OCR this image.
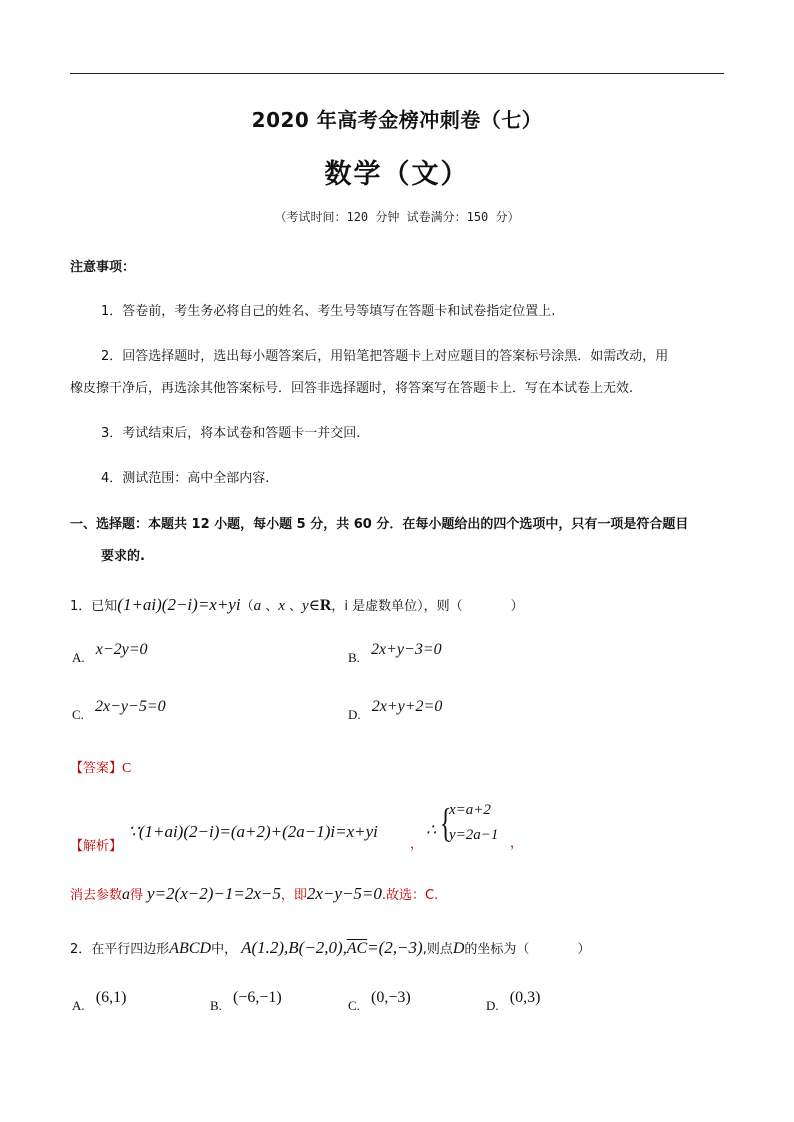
2020 年高考金榜冲刺卷（七）
数学（文）
（考试时间：120 分钟 试卷满分：150 分）
注意事项：
1．答卷前，考生务必将自己的姓名、考生号等填写在答题卡和试卷指定位置上.
2．回答选择题时，选出每小题答案后，用铅笔把答题卡上对应题目的答案标号涂黑．如需改动，用
橡皮擦干净后，再选涂其他答案标号．回答非选择题时，将答案写在答题卡上．写在本试卷上无效.
3．考试结束后，将本试卷和答题卡一并交回.
4．测试范围：高中全部内容.
一、选择题：本题共 12 小题，每小题 5 分，共 60 分．在每小题给出的四个选项中，只有一项是符合题目
要求的.
1．已知(1+ai)(2−i)=x+yi（a 、x 、y∈R，i 是虚数单位），则（	）
A. x−2y=0	B. 2x+y−3=0
C. 2x−y−5=0	D. 2x+y+2=0
【答案】C
【解析】
∵(1+ai)(2−i)=(a+2)+(2a−1)i=x+yi
，
∴ {
x=a+2
y=2a−1
，
消去参数a得 y=2(x−2)−1=2x−5，即2x−y−5=0.故选：C.
2．在平行四边形ABCD中， $A(1.2),B(-2,0),\overline{AC}=(2,-3)$,则点D的坐标为（	）
A. (6,1)	B. (−6,−1)	C. (0,−3)	D. (0,3)
